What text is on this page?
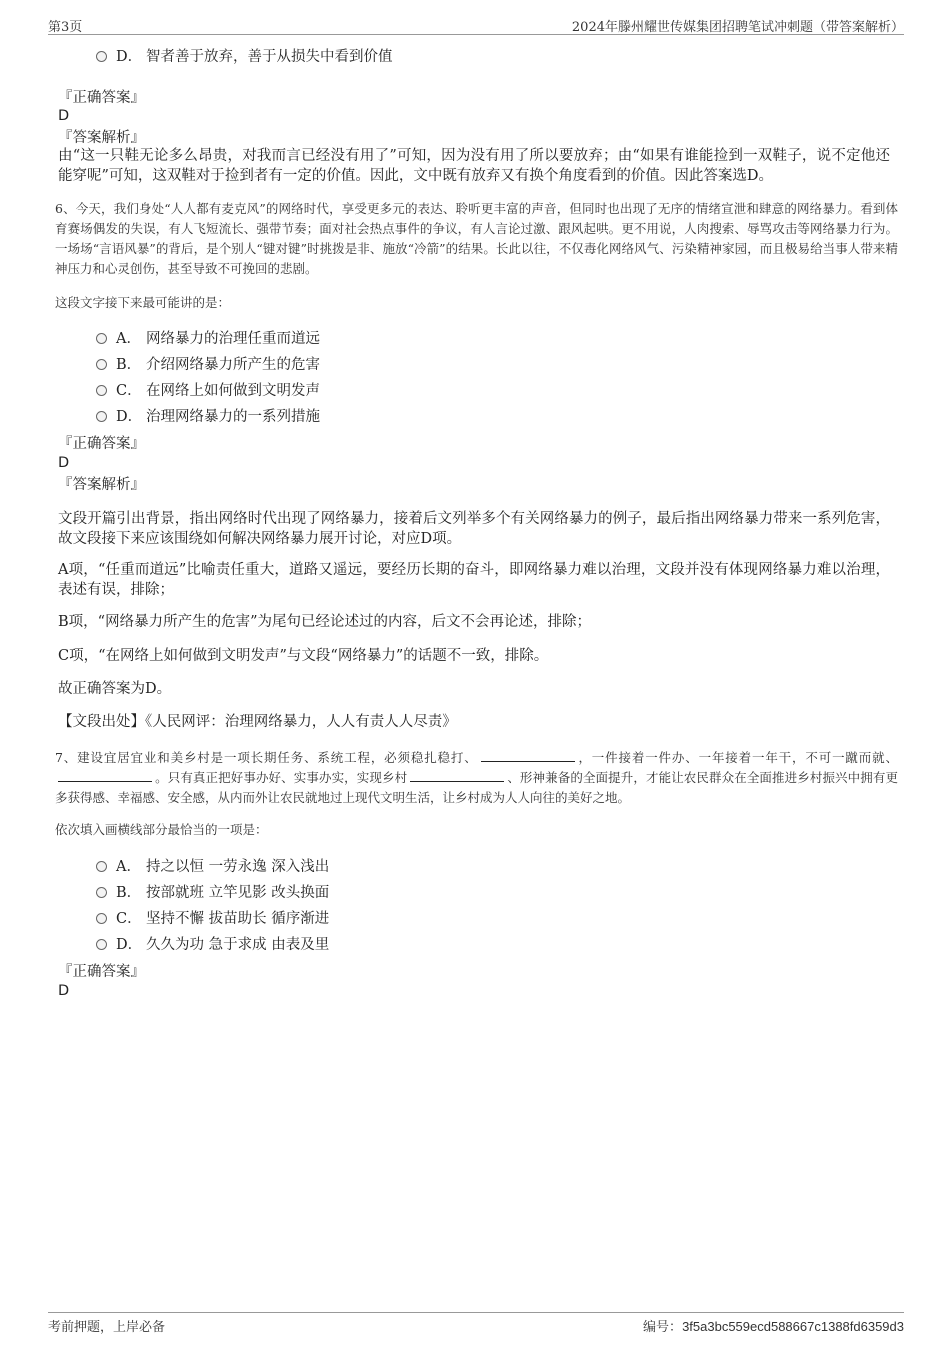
第3页	2024年滕州耀世传媒集团招聘笔试冲刺题（带答案解析）
D． 智者善于放弃，善于从损失中看到价值
『正确答案』
D
『答案解析』
由“这一只鞋无论多么昂贵，对我而言已经没有用了”可知，因为没有用了所以要放弃；由“如果有谁能捡到一双鞋子，说不定他还能穿呢”可知，这双鞋对于捡到者有一定的价值。因此，文中既有放弃又有换个角度看到的价值。因此答案选D。
6、今天，我们身处“人人都有麦克风”的网络时代，享受更多元的表达、聆听更丰富的声音，但同时也出现了无序的情绪宣泄和肆意的网络暴力。看到体育赛场偶发的失误，有人飞短流长、强带节奏；面对社会热点事件的争议，有人言论过激、跟风起哄。更不用说，人肉搜索、辱骂攻击等网络暴力行为。一场场“言语风暴”的背后，是个别人“键对键”时挑拨是非、施放“冷箭”的结果。长此以往，不仅毒化网络风气、污染精神家园，而且极易给当事人带来精神压力和心灵创伤，甚至导致不可挽回的悲剧。
这段文字接下来最可能讲的是：
A． 网络暴力的治理任重而道远
B． 介绍网络暴力所产生的危害
C． 在网络上如何做到文明发声
D． 治理网络暴力的一系列措施
『正确答案』
D
『答案解析』
文段开篇引出背景，指出网络时代出现了网络暴力，接着后文列举多个有关网络暴力的例子，最后指出网络暴力带来一系列危害，故文段接下来应该围绕如何解决网络暴力展开讨论，对应D项。
A项，“任重而道远”比喻责任重大，道路又遥远，要经历长期的奋斗，即网络暴力难以治理，文段并没有体现网络暴力难以治理，表述有误，排除；
B项，“网络暴力所产生的危害”为尾句已经论述过的内容，后文不会再论述，排除；
C项，“在网络上如何做到文明发声”与文段“网络暴力”的话题不一致，排除。
故正确答案为D。
【文段出处】《人民网评：治理网络暴力，人人有责人人尽责》
7、建设宜居宜业和美乡村是一项长期任务、系统工程，必须稳扎稳打、	，一件接着一件办、一年接着一年干，不可一蹴而就、。只有真正把好事办好、实事办实，实现乡村	、形神兼备的全面提升，才能让农民群众在全面推进乡村振兴中拥有更多获得感、幸福感、安全感，从内而外让农民就地过上现代文明生活，让乡村成为人人向往的美好之地。
依次填入画横线部分最恰当的一项是：
A． 持之以恒 一劳永逸 深入浅出
B． 按部就班 立竿见影 改头换面
C． 坚持不懈 拔苗助长 循序渐进
D． 久久为功 急于求成 由表及里
『正确答案』
D
考前押题，上岸必备	编号：3f5a3bc559ecd588667c1388fd6359d3
